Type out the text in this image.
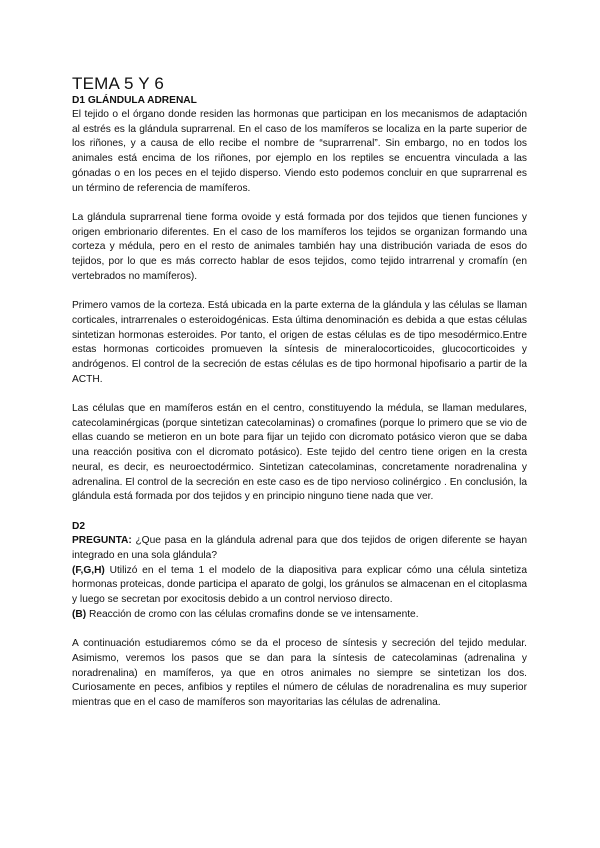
TEMA 5 Y 6
D1 GLÁNDULA ADRENAL

El tejido o el órgano donde residen las hormonas que participan en los mecanismos de adaptación al estrés es la glándula suprarrenal. En el caso de los mamíferos se localiza en la parte superior de los riñones, y a causa de ello recibe el nombre de “suprarrenal”. Sin embargo, no en todos los animales está encima de los riñones, por ejemplo en los reptiles se encuentra vinculada a las gónadas o en los peces en el tejido disperso. Viendo esto podemos concluir en que suprarrenal es un término de referencia de mamíferos.

La glándula suprarrenal tiene forma ovoide y está formada por dos tejidos que tienen funciones y origen embrionario diferentes. En el caso de los mamíferos los tejidos se organizan formando una corteza y médula, pero en el resto de animales también hay una distribución variada de esos do tejidos, por lo que es más correcto hablar de esos tejidos, como tejido intrarrenal y cromafín (en vertebrados no mamíferos).

Primero vamos de la corteza. Está ubicada en la parte externa de la glándula y las células se llaman corticales, intrarrenales o esteroidogénicas. Esta última denominación es debida a que estas células sintetizan hormonas esteroides. Por tanto, el origen de estas células es de tipo mesodérmico.Entre estas hormonas corticoides promueven la síntesis de mineralocorticoides, glucocorticoides y andrógenos. El control de la secreción de estas células es de tipo hormonal hipofisario a partir de la ACTH.

Las células que en mamíferos están en el centro, constituyendo la médula, se llaman medulares, catecolaminérgicas (porque sintetizan catecolaminas) o cromafines (porque lo primero que se vio de ellas cuando se metieron en un bote para fijar un tejido con dicromato potásico vieron que se daba una reacción positiva con el dicromato potásico). Este tejido del centro tiene origen en la cresta neural, es decir, es neuroectodérmico. Sintetizan catecolaminas, concretamente noradrenalina y adrenalina. El control de la secreción en este caso es de tipo nervioso colinérgico . En conclusión, la glándula está formada por dos tejidos y en principio ninguno tiene nada que ver.

D2

PREGUNTA: ¿Que pasa en la glándula adrenal para que dos tejidos de origen diferente se hayan integrado en una sola glándula?

(F,G,H) Utilizó en el tema 1 el modelo de la diapositiva para explicar cómo una célula sintetiza hormonas proteicas, donde participa el aparato de golgi, los gránulos se almacenan en el citoplasma y luego se secretan por exocitosis debido a un control nervioso directo.

(B) Reacción de cromo con las células cromafins donde se ve intensamente.

A continuación estudiaremos cómo se da el proceso de síntesis y secreción del tejido medular. Asimismo, veremos los pasos que se dan para la síntesis de catecolaminas (adrenalina y noradrenalina) en mamíferos, ya que en otros animales no siempre se sintetizan los dos. Curiosamente en peces, anfibios y reptiles el número de células de noradrenalina es muy superior mientras que en el caso de mamíferos son mayoritarias las células de adrenalina.
